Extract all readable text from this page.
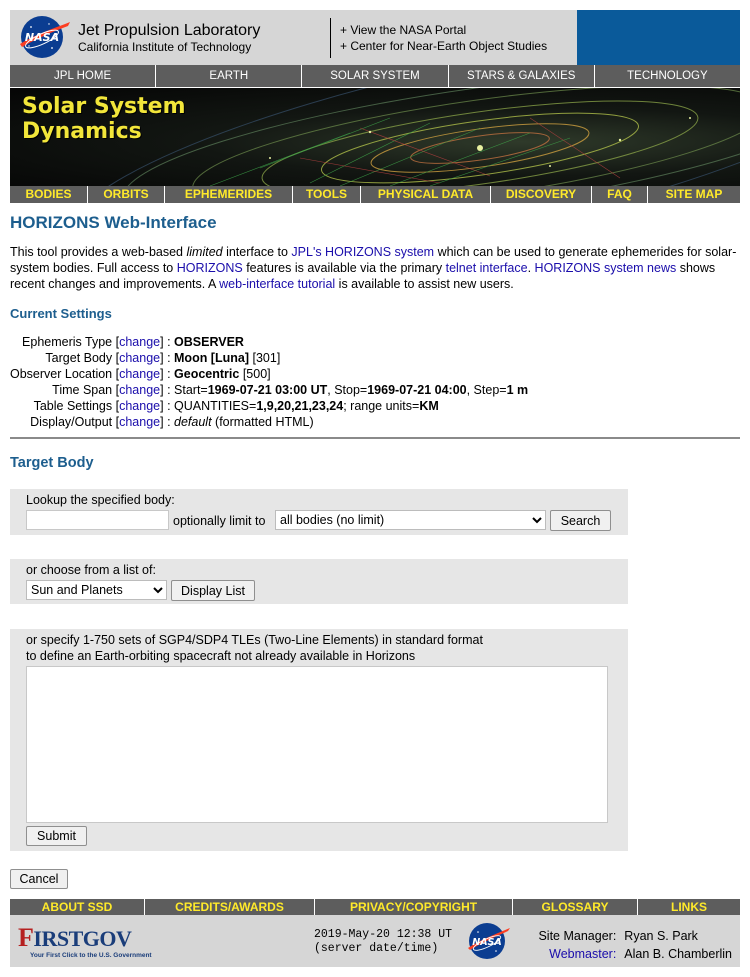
NASA Jet Propulsion Laboratory
California Institute of Technology
+ View the NASA Portal
+ Center for Near-Earth Object Studies
JPL HOME	EARTH	SOLAR SYSTEM	STARS & GALAXIES	TECHNOLOGY
Solar System
Dynamics
BODIES	ORBITS	EPHEMERIDES	TOOLS	PHYSICAL DATA	DISCOVERY	FAQ	SITE MAP
HORIZONS Web-Interface
This tool provides a web-based limited interface to JPL's HORIZONS system which can be used to generate ephemerides for solar-system bodies. Full access to HORIZONS features is available via the primary telnet interface. HORIZONS system news shows recent changes and improvements. A web-interface tutorial is available to assist new users.
Current Settings
Ephemeris Type [change]	: OBSERVER
Target Body [change]	: Moon [Luna] [301]
Observer Location [change]	: Geocentric [500]
Time Span [change]	: Start=1969-07-21 03:00 UT, Stop=1969-07-21 04:00, Step=1 m
Table Settings [change]	: QUANTITIES=1,9,20,21,23,24; range units=KM
Display/Output [change]	: default (formatted HTML)
Target Body
Lookup the specified body:
optionally limit to
all bodies (no limit)	Search
or choose from a list of:
Sun and Planets
Display List
or specify 1-750 sets of SGP4/SDP4 TLEs (Two-Line Elements) in standard format
to define an Earth-orbiting spacecraft not already available in Horizons
Submit
Cancel
ABOUT SSD	CREDITS/AWARDS	PRIVACY/COPYRIGHT	GLOSSARY	LINKS
FIRSTGOV
Your First Click to the U.S. Government
2019-May-20 12:38 UT
(server date/time)	NASA	Site Manager:	Ryan S. Park
Webmaster:	Alan B. Chamberlin
